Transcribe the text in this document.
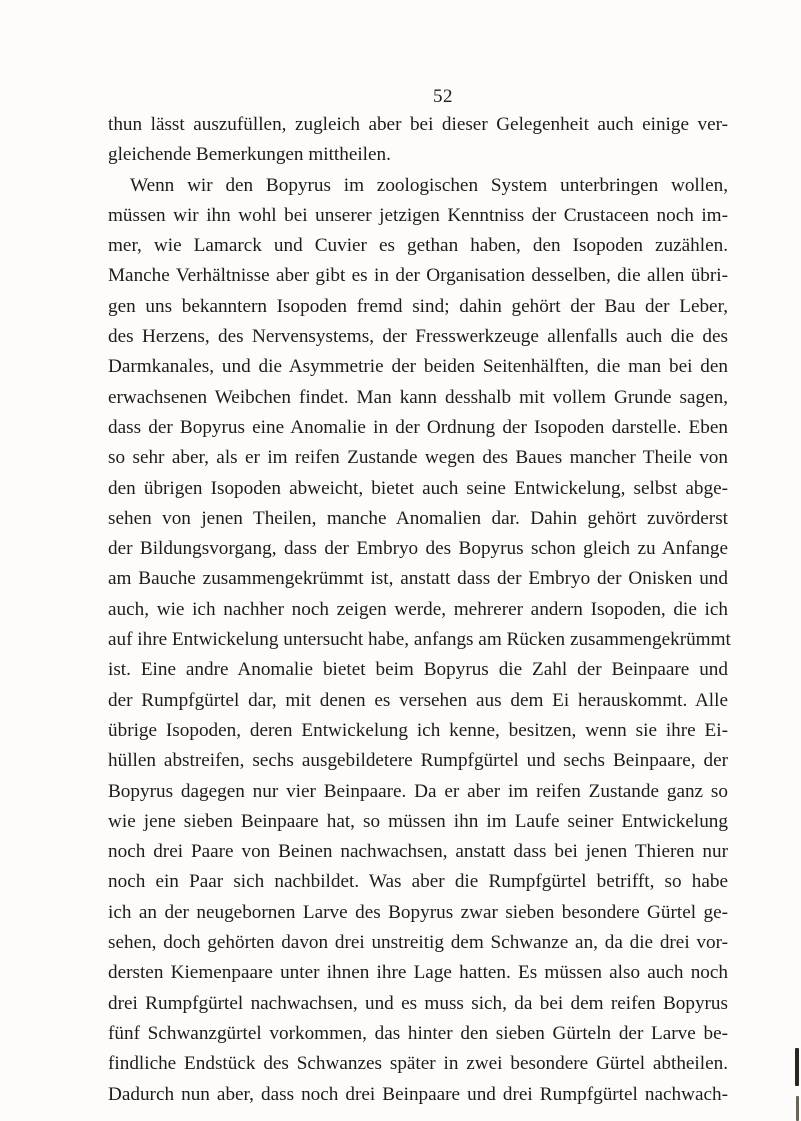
52
thun lässt auszufüllen, zugleich aber bei dieser Gelegenheit auch einige ver-
gleichende Bemerkungen mittheilen.
Wenn wir den Bopyrus im zoologischen System unterbringen wollen,
müssen wir ihn wohl bei unserer jetzigen Kenntniss der Crustaceen noch im-
mer, wie Lamarck und Cuvier es gethan haben, den Isopoden zuzählen.
Manche Verhältnisse aber gibt es in der Organisation desselben, die allen übri-
gen uns bekanntern Isopoden fremd sind; dahin gehört der Bau der Leber,
des Herzens, des Nervensystems, der Fresswerkzeuge allenfalls auch die des
Darmkanales, und die Asymmetrie der beiden Seitenhälften, die man bei den
erwachsenen Weibchen findet. Man kann desshalb mit vollem Grunde sagen,
dass der Bopyrus eine Anomalie in der Ordnung der Isopoden darstelle. Eben
so sehr aber, als er im reifen Zustande wegen des Baues mancher Theile von
den übrigen Isopoden abweicht, bietet auch seine Entwickelung, selbst abge-
sehen von jenen Theilen, manche Anomalien dar. Dahin gehört zuvörderst
der Bildungsvorgang, dass der Embryo des Bopyrus schon gleich zu Anfange
am Bauche zusammengekrümmt ist, anstatt dass der Embryo der Onisken und
auch, wie ich nachher noch zeigen werde, mehrerer andern Isopoden, die ich
auf ihre Entwickelung untersucht habe, anfangs am Rücken zusammengekrümmt
ist. Eine andre Anomalie bietet beim Bopyrus die Zahl der Beinpaare und
der Rumpfgürtel dar, mit denen es versehen aus dem Ei herauskommt. Alle
übrige Isopoden, deren Entwickelung ich kenne, besitzen, wenn sie ihre Ei-
hüllen abstreifen, sechs ausgebildetere Rumpfgürtel und sechs Beinpaare, der
Bopyrus dagegen nur vier Beinpaare. Da er aber im reifen Zustande ganz so
wie jene sieben Beinpaare hat, so müssen ihn im Laufe seiner Entwickelung
noch drei Paare von Beinen nachwachsen, anstatt dass bei jenen Thieren nur
noch ein Paar sich nachbildet. Was aber die Rumpfgürtel betrifft, so habe
ich an der neugebornen Larve des Bopyrus zwar sieben besondere Gürtel ge-
sehen, doch gehörten davon drei unstreitig dem Schwanze an, da die drei vor-
dersten Kiemenpaare unter ihnen ihre Lage hatten. Es müssen also auch noch
drei Rumpfgürtel nachwachsen, und es muss sich, da bei dem reifen Bopyrus
fünf Schwanzgürtel vorkommen, das hinter den sieben Gürteln der Larve be-
findliche Endstück des Schwanzes später in zwei besondere Gürtel abtheilen.
Dadurch nun aber, dass noch drei Beinpaare und drei Rumpfgürtel nachwach-
